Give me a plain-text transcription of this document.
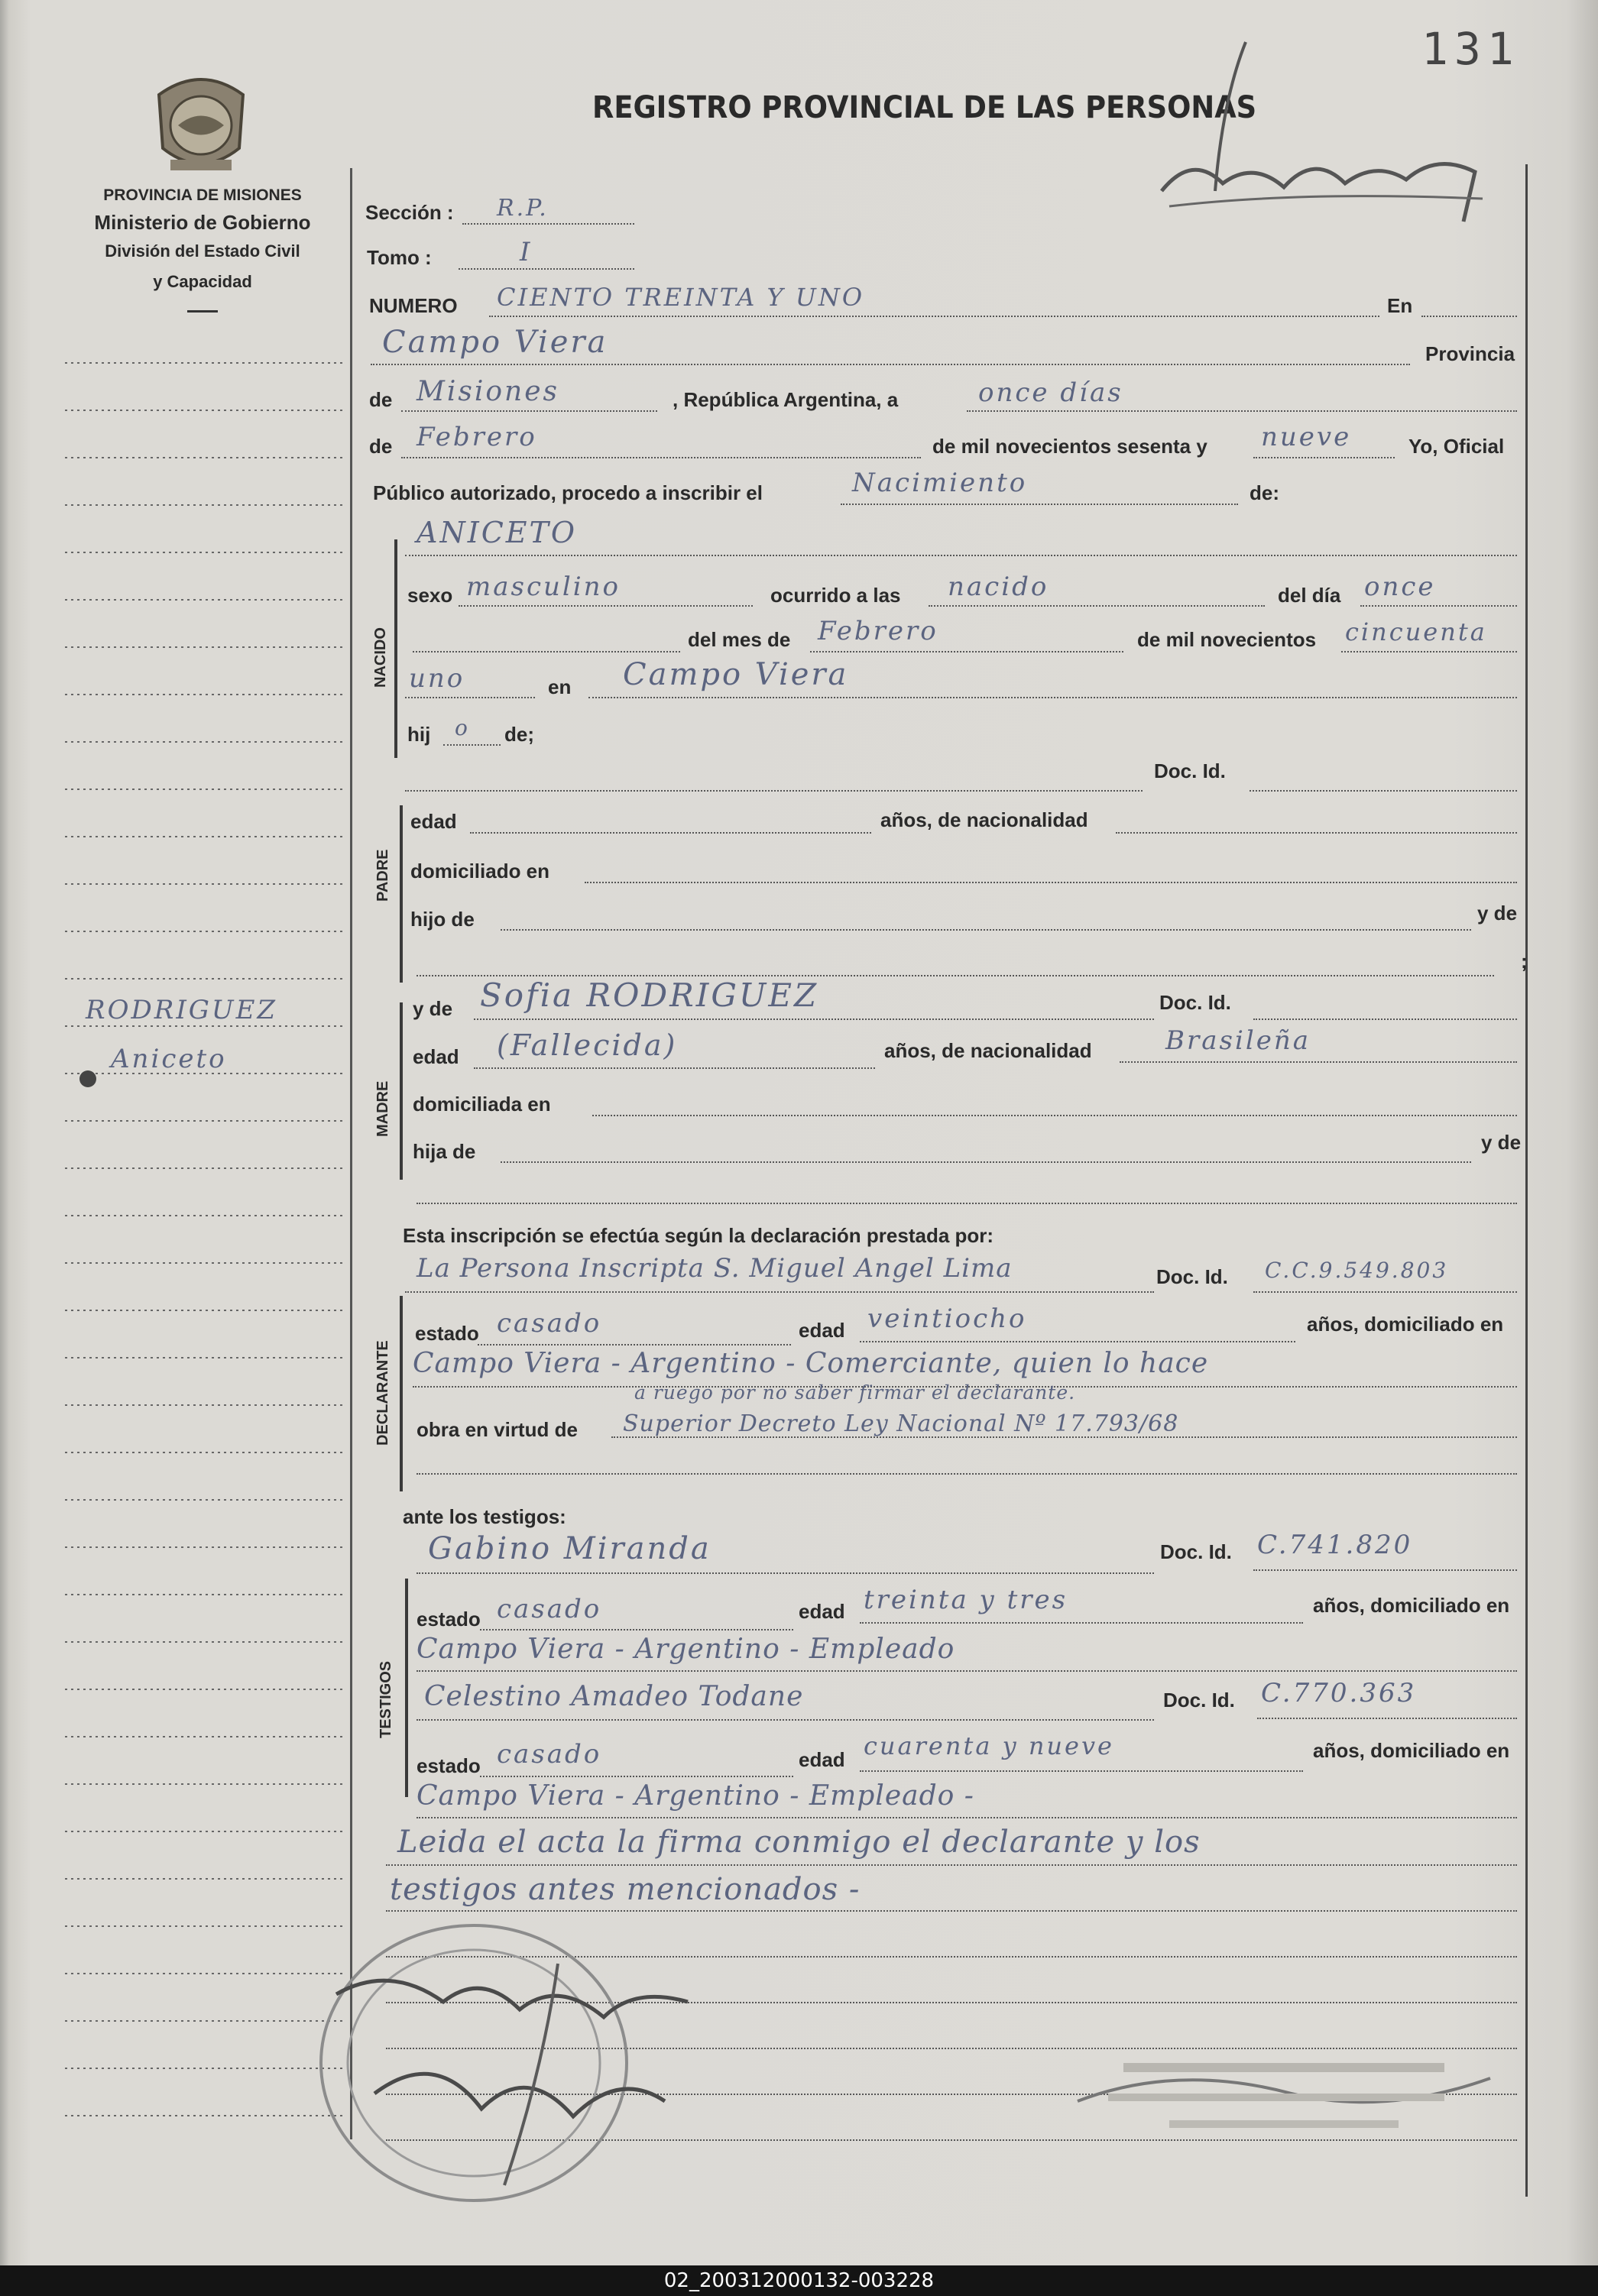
131
REGISTRO PROVINCIAL DE LAS PERSONAS
PROVINCIA DE MISIONES
Ministerio de Gobierno
División del Estado Civil
y Capacidad
RODRIGUEZ
Aniceto
Sección : R.P.
Tomo :	I
NUMERO CIENTO TREINTA Y UNO	En
Campo Viera	Provincia
de Misiones	, República Argentina, a	once días
de Febrero	de mil novecientos sesenta y nueve	Yo, Oficial
Público autorizado, procedo a inscribir el	Nacimiento	de:
NACIDO
ANICETO
sexo masculino	ocurrido a las nacido	del día once
del mes de Febrero	de mil novecientos cincuenta
uno	en Campo Viera
hij o de;
Doc. Id.
PADRE
edad	años, de nacionalidad
domiciliado en
hijo de	y de
;
y de Sofia RODRIGUEZ	Doc. Id.
MADRE
edad (Fallecida)	años, de nacionalidad	Brasileña
domiciliada en
hija de	y de
Esta inscripción se efectúa según la declaración prestada por:
La Persona Inscripta S. Miguel Angel Lima	Doc. Id. C.C.9.549.803
DECLARANTE
estado casado	edad veintiocho	años, domiciliado en
Campo Viera - Argentino - Comerciante, quien lo hace
a ruego por no saber firmar el declarante.
obra en virtud de Superior Decreto Ley Nacional Nº 17.793/68
ante los testigos:
Gabino Miranda	Doc. Id. C.741.820
TESTIGOS
estado casado	edad treinta y tres	años, domiciliado en
Campo Viera - Argentino - Empleado
Celestino Amadeo Todane	Doc. Id. C.770.363
estado casado	edad cuarenta y nueve	años, domiciliado en
Campo Viera - Argentino - Empleado -
Leida el acta la firma conmigo el declarante y los
testigos antes mencionados -
02_200312000132-003228
